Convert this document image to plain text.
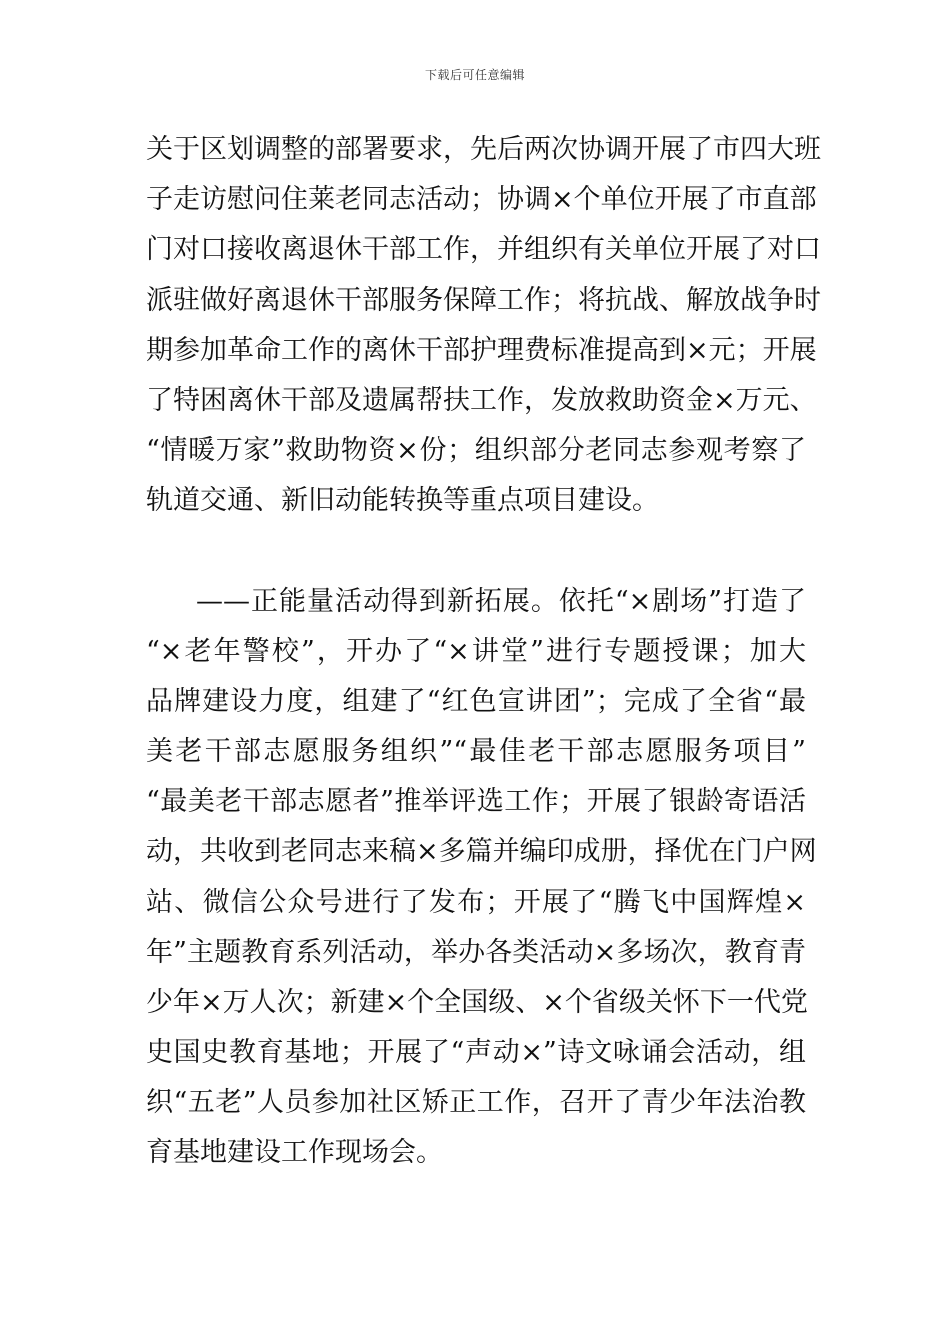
下载后可任意编辑
关于区划调整的部署要求，先后两次协调开展了市四大班
子走访慰问住莱老同志活动；协调×个单位开展了市直部
门对口接收离退休干部工作，并组织有关单位开展了对口
派驻做好离退休干部服务保障工作；将抗战、解放战争时
期参加革命工作的离休干部护理费标准提高到×元；开展
了特困离休干部及遗属帮扶工作，发放救助资金×万元、
“情暖万家”救助物资×份；组织部分老同志参观考察了
轨道交通、新旧动能转换等重点项目建设。
——正能量活动得到新拓展。依托“×剧场”打造了
“×老年警校”，开办了“×讲堂”进行专题授课；加大
品牌建设力度，组建了“红色宣讲团”；完成了全省“最
美老干部志愿服务组织”“最佳老干部志愿服务项目”
“最美老干部志愿者”推举评选工作；开展了银龄寄语活
动，共收到老同志来稿×多篇并编印成册，择优在门户网
站、微信公众号进行了发布；开展了“腾飞中国辉煌×
年”主题教育系列活动，举办各类活动×多场次，教育青
少年×万人次；新建×个全国级、×个省级关怀下一代党
史国史教育基地；开展了“声动×”诗文咏诵会活动，组
织“五老”人员参加社区矫正工作，召开了青少年法治教
育基地建设工作现场会。
